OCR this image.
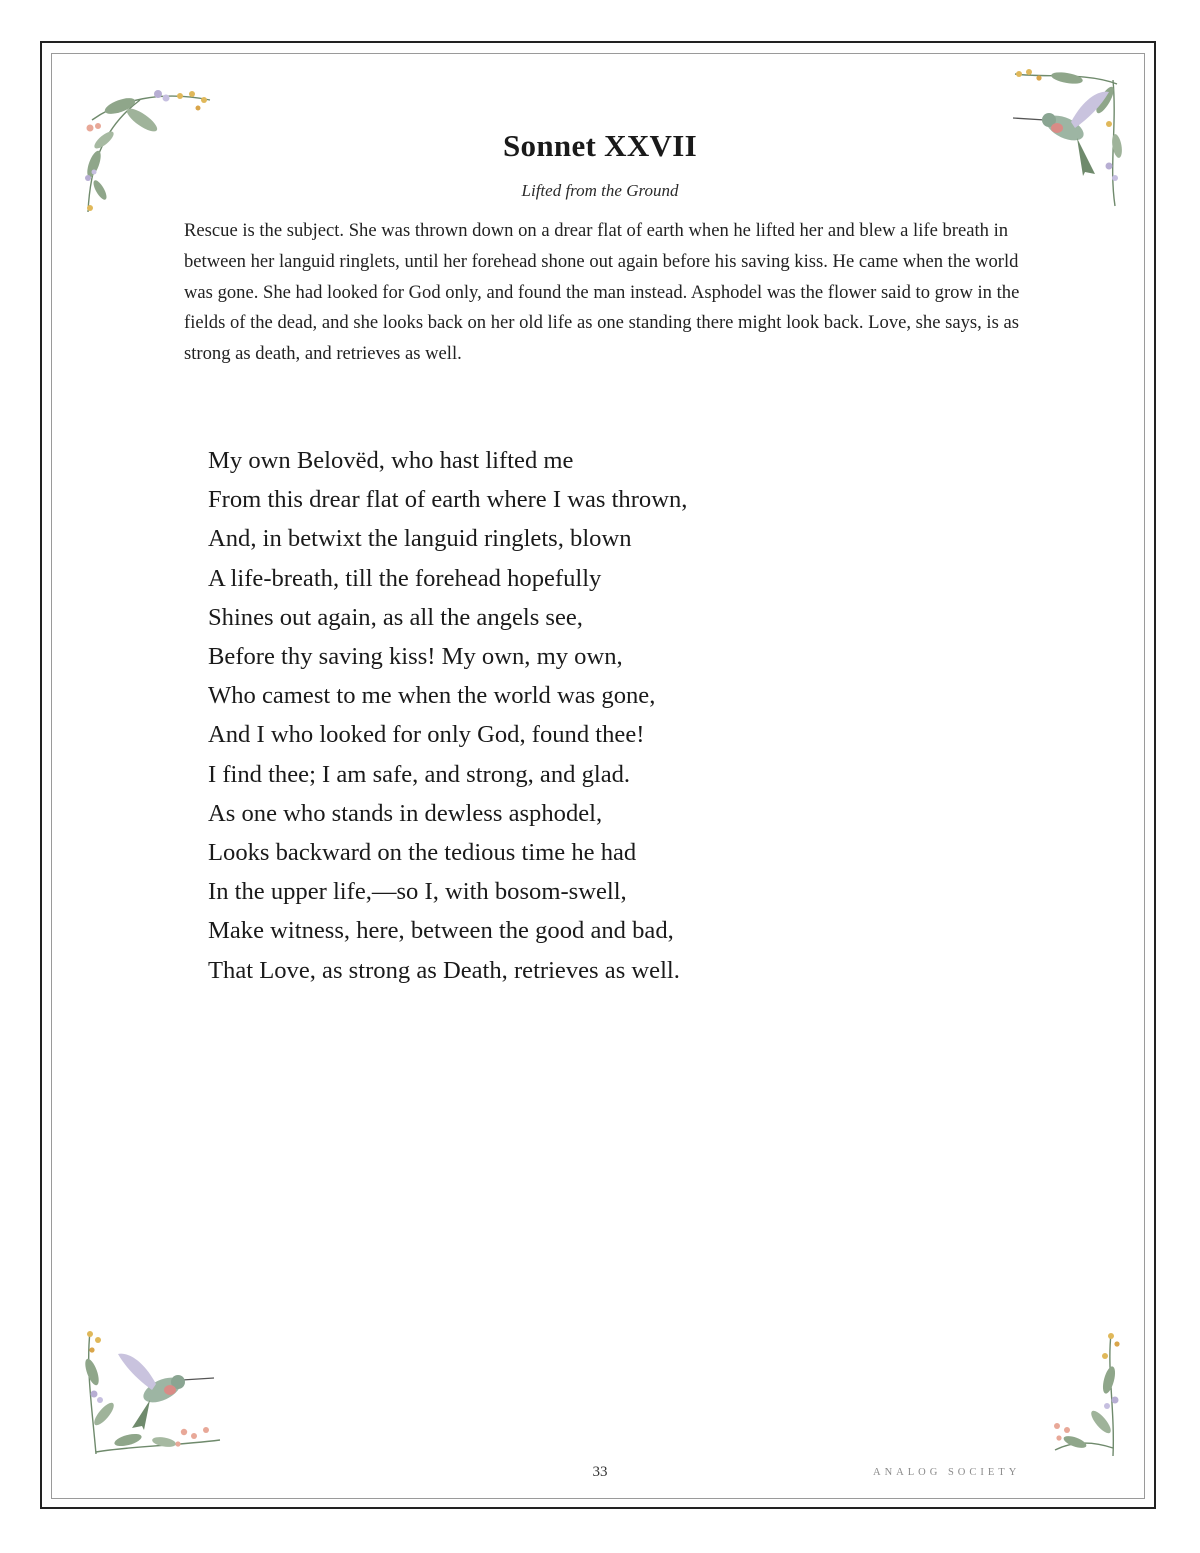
Sonnet XXVII
Lifted from the Ground

Rescue is the subject. She was thrown down on a drear flat of earth when he lifted her and blew a life breath in between her languid ringlets, until her forehead shone out again before his saving kiss. He came when the world was gone. She had looked for God only, and found the man instead. Asphodel was the flower said to grow in the fields of the dead, and she looks back on her old life as one standing there might look back. Love, she says, is as strong as death, and retrieves as well.

My own Belovëd, who hast lifted me
From this drear flat of earth where I was thrown,
And, in betwixt the languid ringlets, blown
A life-breath, till the forehead hopefully
Shines out again, as all the angels see,
Before thy saving kiss! My own, my own,
Who camest to me when the world was gone,
And I who looked for only God, found thee!
I find thee; I am safe, and strong, and glad.
As one who stands in dewless asphodel,
Looks backward on the tedious time he had
In the upper life,—so I, with bosom-swell,
Make witness, here, between the good and bad,
That Love, as strong as Death, retrieves as well.
33	ANALOG SOCIETY
